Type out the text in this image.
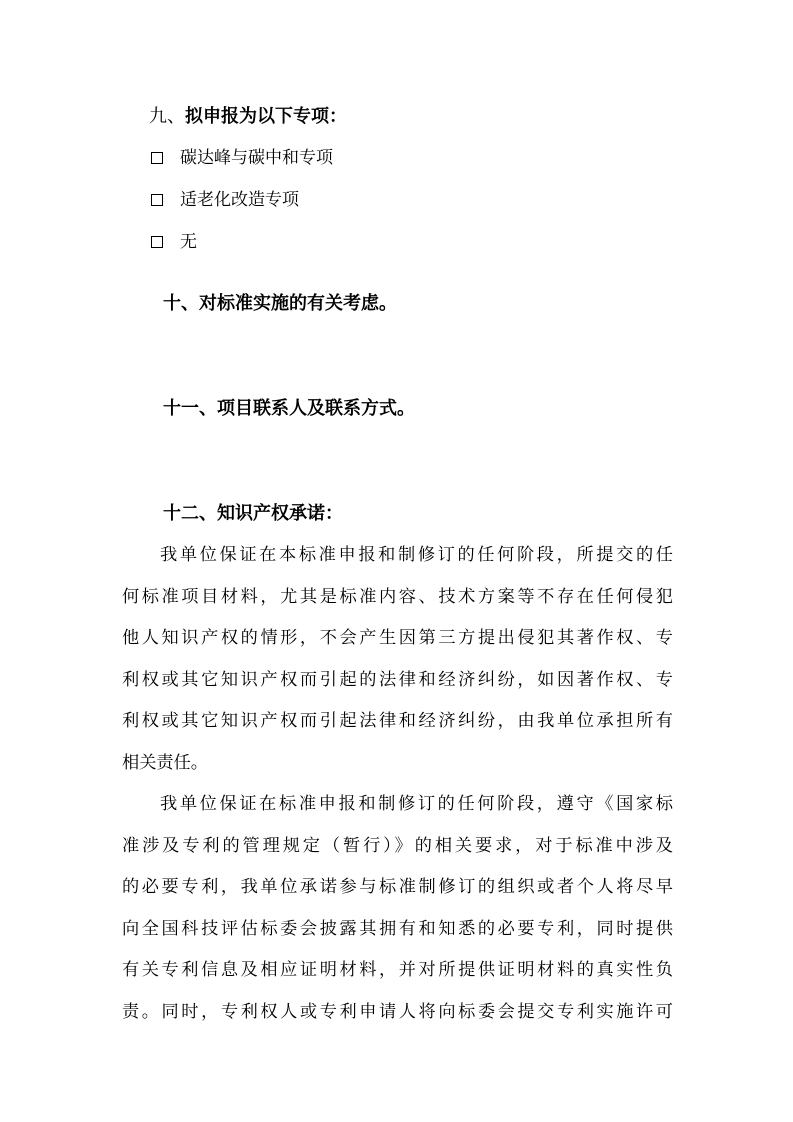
九、拟申报为以下专项：
碳达峰与碳中和专项
适老化改造专项
无
十、对标准实施的有关考虑。
十一、项目联系人及联系方式。
十二、知识产权承诺：
我单位保证在本标准申报和制修订的任何阶段，所提交的任
何标准项目材料，尤其是标准内容、技术方案等不存在任何侵犯
他人知识产权的情形，不会产生因第三方提出侵犯其著作权、专
利权或其它知识产权而引起的法律和经济纠纷，如因著作权、专
利权或其它知识产权而引起法律和经济纠纷，由我单位承担所有
相关责任。
我单位保证在标准申报和制修订的任何阶段，遵守《国家标
准涉及专利的管理规定（暂行）》的相关要求，对于标准中涉及
的必要专利，我单位承诺参与标准制修订的组织或者个人将尽早
向全国科技评估标委会披露其拥有和知悉的必要专利，同时提供
有关专利信息及相应证明材料，并对所提供证明材料的真实性负
责。同时，专利权人或专利申请人将向标委会提交专利实施许可
